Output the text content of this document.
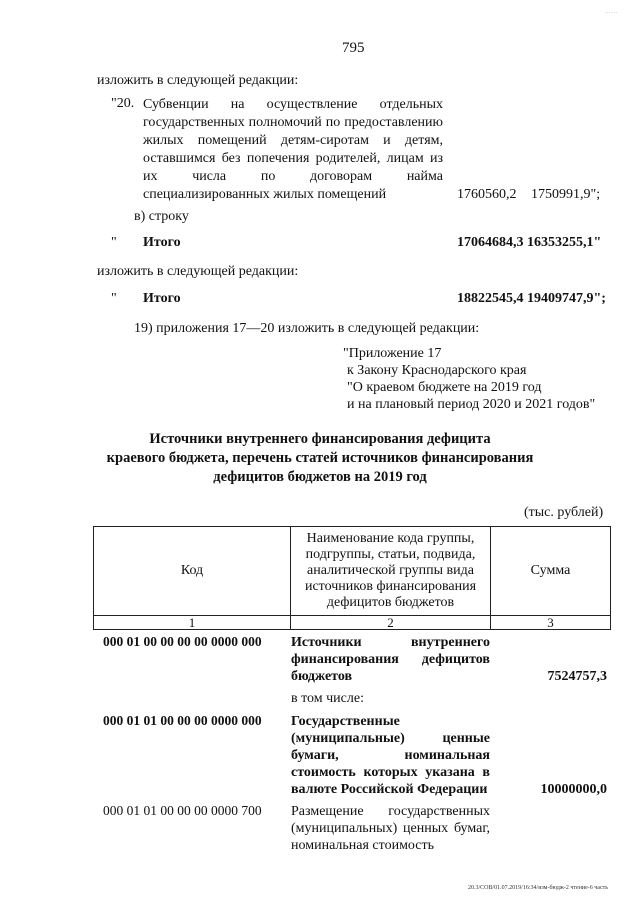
......
795
изложить в следующей редакции:
"20. Субвенции на осуществление отдельных государственных полномочий по предоставлению жилых помещений детям-сиротам и детям, оставшимся без попечения родителей, лицам из их числа по договорам найма специализированных жилых помещений	1760560,2 1750991,9";
в) строку
" Итого	17064684,3 16353255,1"
изложить в следующей редакции:
" Итого	18822545,4 19409747,9";
19) приложения 17—20 изложить в следующей редакции:
"Приложение 17
к Закону Краснодарского края
"О краевом бюджете на 2019 год
и на плановый период 2020 и 2021 годов"
Источники внутреннего финансирования дефицита
краевого бюджета, перечень статей источников финансирования
дефицитов бюджетов на 2019 год
(тыс. рублей)
Код	Наименование кода группы, подгруппы, статьи, подвида, аналитической группы вида источников финансирования дефицитов бюджетов	Сумма
1	2	3
000 01 00 00 00 00 0000 000 Источники внутреннего финансирования дефицитов бюджетов	7524757,3
в том числе:
000 01 01 00 00 00 0000 000 Государственные (муниципальные) ценные бумаги, номинальная стоимость которых указана в валюте Российской Федерации	10000000,0
000 01 01 00 00 00 0000 700 Размещение государственных (муниципальных) ценных бумаг, номинальная стоимость
20.3/СОВ/01.07.2019/16:34/изм-бюдж-2 чтение-6 часть
